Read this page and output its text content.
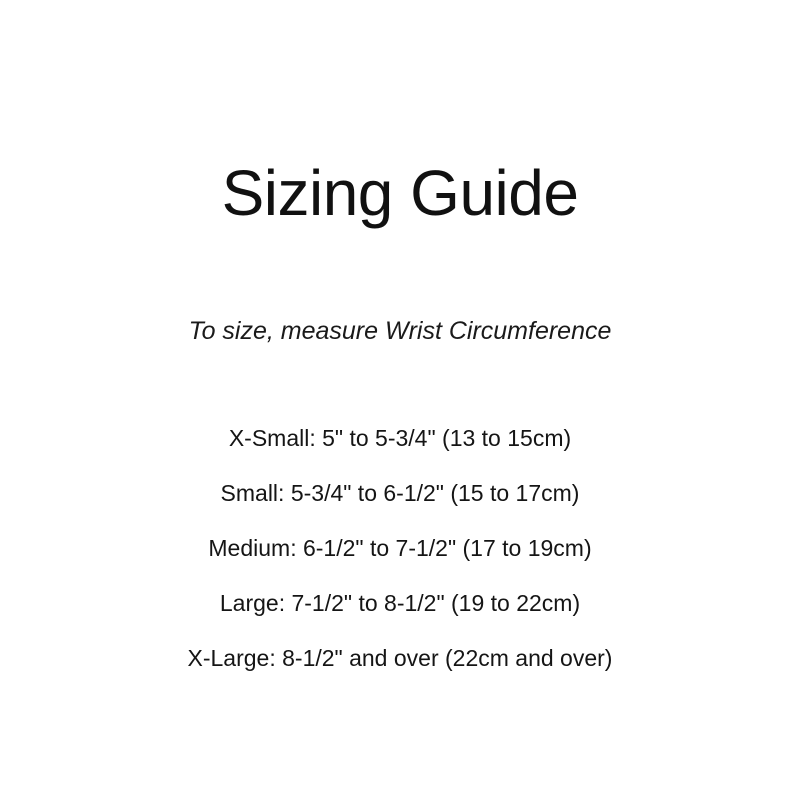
Sizing Guide

To size, measure Wrist Circumference

X-Small: 5" to 5-3/4" (13 to 15cm)
Small: 5-3/4" to 6-1/2" (15 to 17cm)
Medium: 6-1/2" to 7-1/2" (17 to 19cm)
Large: 7-1/2" to 8-1/2" (19 to 22cm)
X-Large: 8-1/2" and over (22cm and over)
